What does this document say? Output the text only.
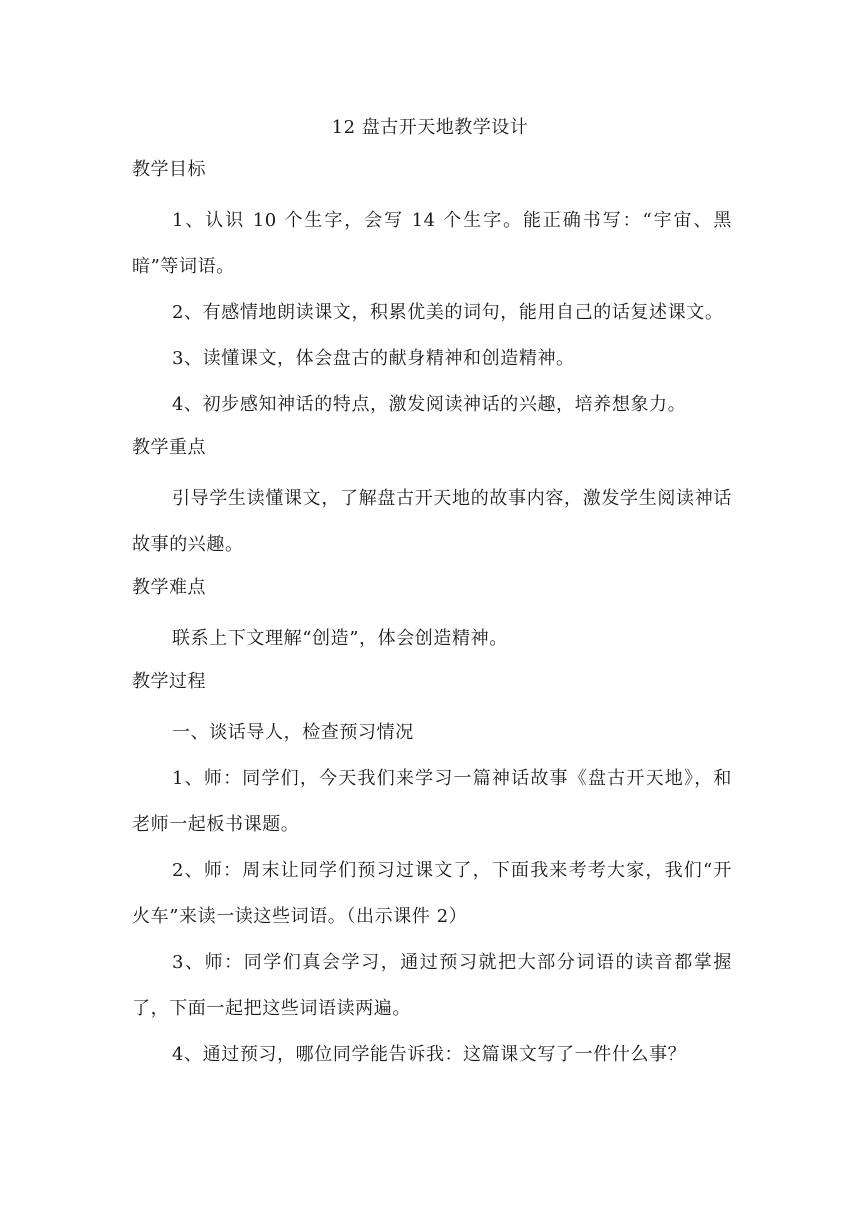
12 盘古开天地教学设计
教学目标

1、认识 10 个生字，会写 14 个生字。能正确书写：“宇宙、黑暗”等词语。

2、有感情地朗读课文，积累优美的词句，能用自己的话复述课文。

3、读懂课文，体会盘古的献身精神和创造精神。

4、初步感知神话的特点，激发阅读神话的兴趣，培养想象力。

教学重点

引导学生读懂课文，了解盘古开天地的故事内容，激发学生阅读神话故事的兴趣。

教学难点

联系上下文理解“创造”，体会创造精神。

教学过程

一、谈话导人，检查预习情况

1、师：同学们，今天我们来学习一篇神话故事《盘古开天地》，和老师一起板书课题。

2、师：周末让同学们预习过课文了，下面我来考考大家，我们“开火车”来读一读这些词语。（出示课件 2）

3、师：同学们真会学习，通过预习就把大部分词语的读音都掌握了，下面一起把这些词语读两遍。

4、通过预习，哪位同学能告诉我：这篇课文写了一件什么事？
